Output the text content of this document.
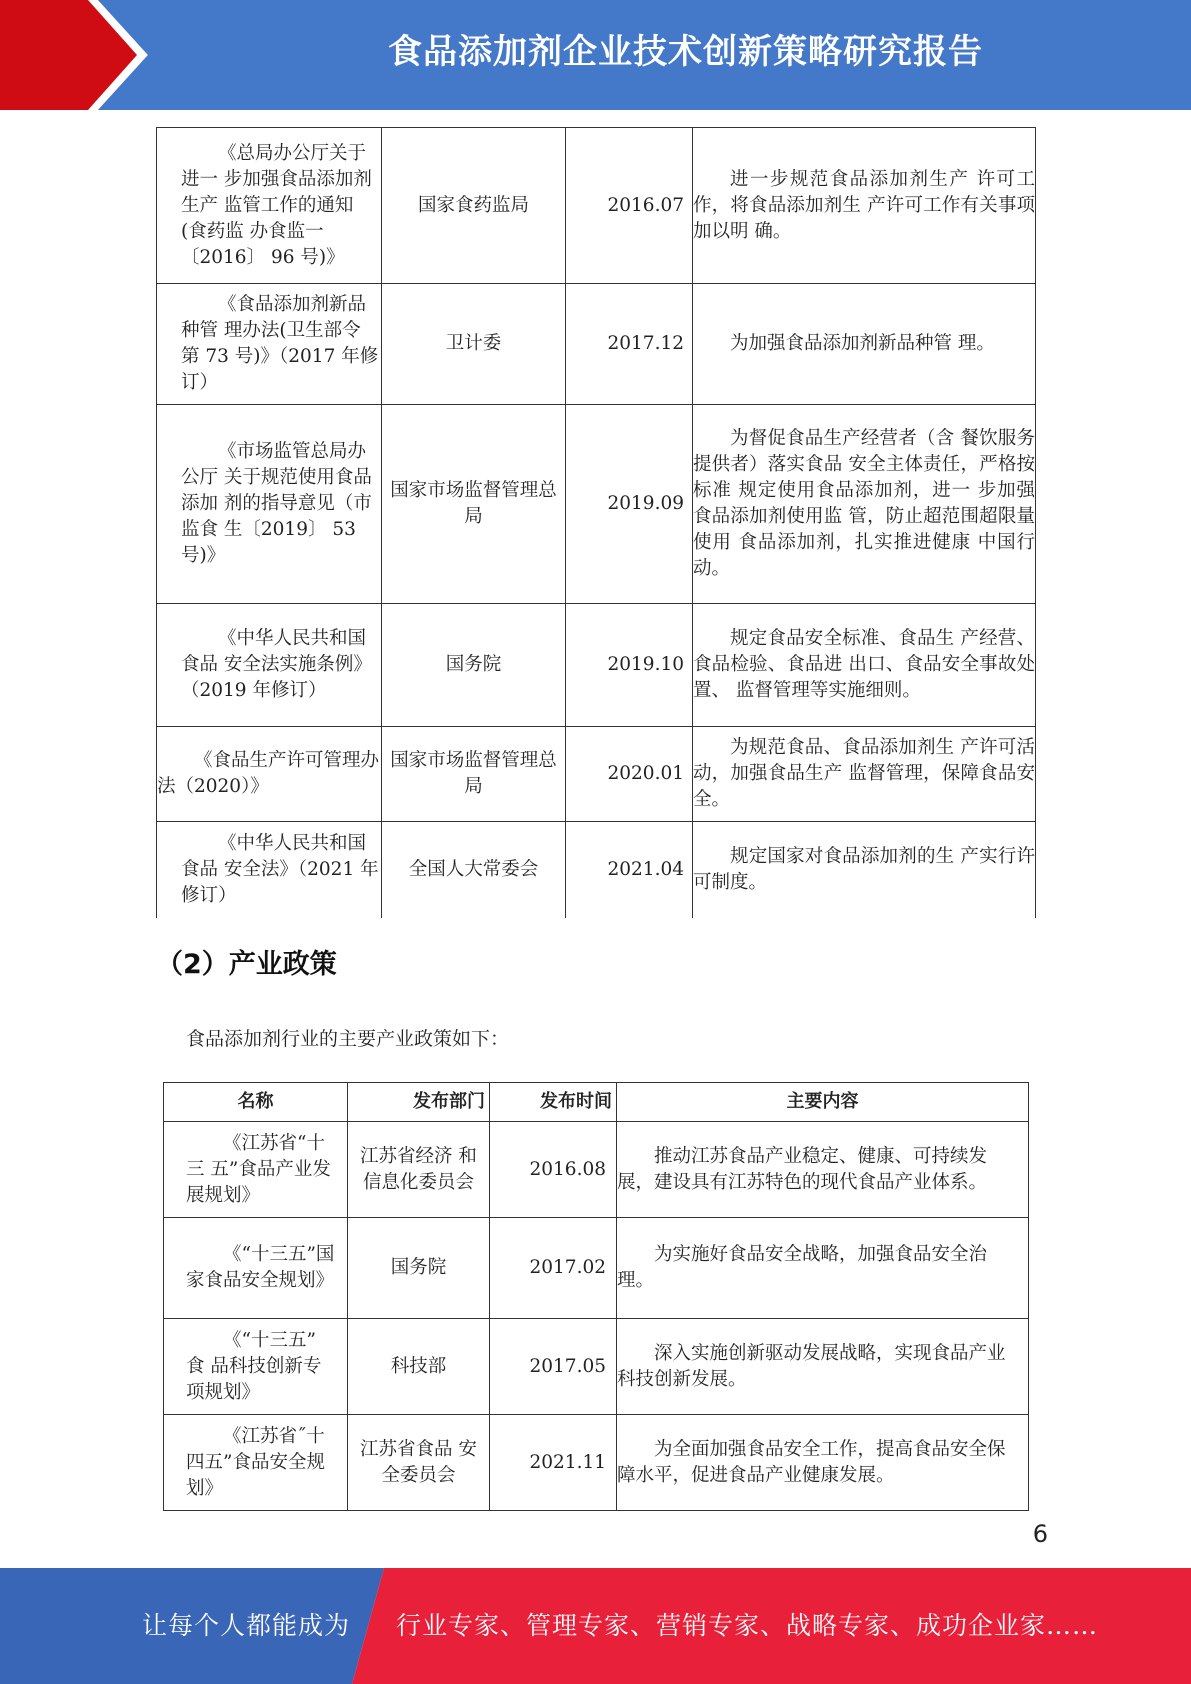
食品添加剂企业技术创新策略研究报告
《总局办公厅关于进一 步加强食品添加剂生产 监管工作的通知(食药监 办食监一〔2016〕 96 号)》	国家食药监局	2016.07	进一步规范食品添加剂生产 许可工作，将食品添加剂生 产许可工作有关事项加以明 确。
《食品添加剂新品种管 理办法(卫生部令第 73 号)》（2017 年修订）	卫计委	2017.12	为加强食品添加剂新品种管 理。
《市场监管总局办公厅 关于规范使用食品添加 剂的指导意见（市监食 生〔2019〕 53 号)》	国家市场监督管理总局	2019.09	为督促食品生产经营者（含 餐饮服务提供者）落实食品 安全主体责任，严格按标准 规定使用食品添加剂，进一 步加强食品添加剂使用监 管，防止超范围超限量使用 食品添加剂，扎实推进健康 中国行动。
《中华人民共和国食品 安全法实施条例》（2019 年修订）	国务院	2019.10	规定食品安全标准、食品生 产经营、食品检验、食品进 出口、食品安全事故处置、 监督管理等实施细则。
《食品生产许可管理办法（2020）》	国家市场监督管理总局	2020.01	为规范食品、食品添加剂生 产许可活动，加强食品生产 监督管理，保障食品安全。
《中华人民共和国食品 安全法》（2021 年修订）	全国人大常委会	2021.04	规定国家对食品添加剂的生 产实行许可制度。
（2）产业政策
食品添加剂行业的主要产业政策如下：
名称	发布部门	发布时间	主要内容
《江苏省“十三 五”食品产业发 展规划》	江苏省经济 和信息化委员会	2016.08	推动江苏食品产业稳定、健康、可持续发展，建设具有江苏特色的现代食品产业体系。
《“十三五”国 家食品安全规划》	国务院	2017.02	为实施好食品安全战略，加强食品安全治理。
《“十三五” 食 品科技创新专项规划》	科技部	2017.05	深入实施创新驱动发展战略，实现食品产业科技创新发展。
《江苏省˝十四五”食品安全规划》	江苏省食品 安全委员会	2021.11	为全面加强食品安全工作，提高食品安全保障水平，促进食品产业健康发展。
6
让每个人都能成为 行业专家、管理专家、营销专家、战略专家、成功企业家……
